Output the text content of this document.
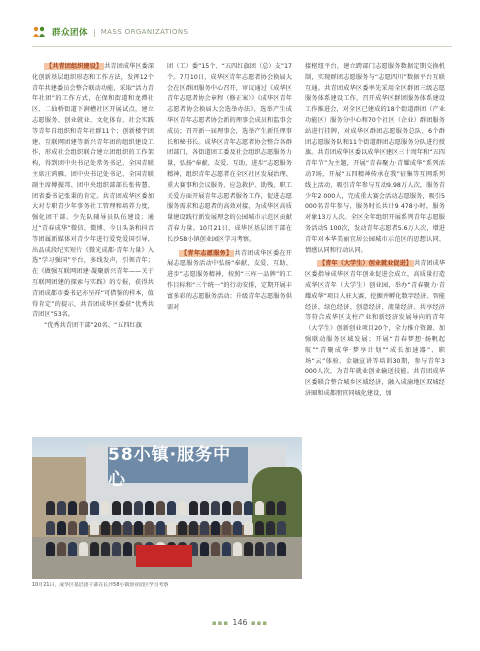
群众团体 | MASS ORGANIZATIONS

【共青团组织建设】 共青团成华区委深化创新基层组织形态和工作方法，发挥12个青年共建委员会整合联动功能，采取“活力青年社团”的工作方式，在保和街道和龙潭社区、二仙桥街道下涧槽社区开展试点，建立志愿服务、创业就业、文化体育、社会实践等青年自组织和青年社群11个；创新楼宇团建、互联网团建等新兴青年团的组织建设工作，形成社会组织联合建立团组织的工作架构，得到团中央书记处常务书记、全国青联主席汪鸿雁、团中央书记处书记、全国青联副主席傅振邦、团中央组织部部长张传慧、团省委书记张秉的肯定。共青团成华区委加大对专职青少年事务社工管理和培养力度，强化团干部、少先队辅导员队伍建设；通过“青春成华”微信、微博、今日头条和抖音等团属新媒体对青少年进行爱党爱国引导，出品成段纪实短片《微光成都·青年力量》入选“学习强国”平台，多线发声，引领青年；在《做强互联网团建·凝聚新兴青年——关于互联网团建的探索与实践》的专报，获得共青团成都市委书记亦呈祥“可借鉴的样本，值得肯定”的提示，共青团成华区委获“优秀共青团区”53名。

“优秀共青团干部”20名、“五四红旗

团（工）委”15个、“五四红旗团（总）支”17个。7月10日，成华区青年志愿者协会换届大会在区群团服务中心召开，审议通过《成华区青年志愿者协会章程（修正案）》《成华区青年志愿者协会换届大会选举办法》，选举产生成华区青年志愿者协会新的理事会成员和监事会成员；召开新一届理事会，选举产生新任理事长和秘书长。成华区青年志愿者协会整合各群团部门，各街道团工委及社会组织志愿服务力量，弘扬“奉献、友爱、互助、进步”志愿服务精神，组织青年志愿者在全区社区发展治理、重大赛事和会议服务、应急救护、助残、职工关爱方面开展青年志愿者服务工作，促进志愿服务需求和志愿者的高效对接，为成华区高质量建设践行新发展理念的公园城市示范区贡献青春力量。10月21日，成华区基层团干部在长沙58小镇创业园区学习考察。

【青年志愿服务】 共青团成华区委在开展志愿服务活动中弘扬“奉献、友爱、互助、进步”志愿服务精神，按照“三库一品牌”的工作目标和“三个统一”的行动安排，定期开展丰富多彩的志愿服务活动；升级青年志愿服务供需对

接枢纽平台，建立跨部门志愿服务数据定期交换机制，实现群团志愿服务与“志愿四川”数据平台互联互通。共青团成华区委率先采用全区群团三级志愿服务体系建设工作，召开成华区群团服务体系建设工作推进会，对全区已建成的18个街道群团（产业功能区）服务分中心和70个社区（企业）群团服务站进行挂牌，对成华区群团志愿服务总队、6个群团志愿服务队和11个街道群团志愿服务分队进行授旗。共青团成华区委以成华区建区三十周年和“五四青年节”为主题，开展“青春聚力·青耀成华”系列活动7场，开展“五四精神传承在我”征集等互网系列线上活动，吸引青年参与互动9.98万人次，服务青少年2 000人，完成重大赛会活动志愿服务，吸引5 000名青年参与，服务时长共计9 478小时，服务对象13万人次。全区全年组织开展系列青年志愿服务活动5 100次，发动青年志愿者5.6万人次，增进青年对本华美丽宜居公园城市示范区的思想认同、情感认同和行动认同。

【青年（大学生）创业就业促进】 共青团成华区委指导成华区青年创业促进会成立，高质量打造成华区青年（大学生）创业园，举办“青春聚力·青耀成华”项目人驻大赛，挖掘并孵化数字经济、智能经济、绿色经济、创意经济、流量经济、共享经济等符合成华区支柱产业和新经济发展导向的青年（大学生）创新创业项目20个，全力推介资源、加强联动服务区域发展；开展“青春梦想·扬帆起航”“青聚成华·梦享计划”“成长加速器”、职场“云”体验、金融宣讲等培训30期，参与青年3 000人次，为青年就业创业输送技能。共青团成华区委联合整合城乡区域经济，融入成渝地区双城经济圈和成都朋官同城化建设，加

58小镇·服务中心
10月21日，成华区基层团干部在长沙58小镇创业园区学习考察
▪▪▪ 146 ▪▪▪
